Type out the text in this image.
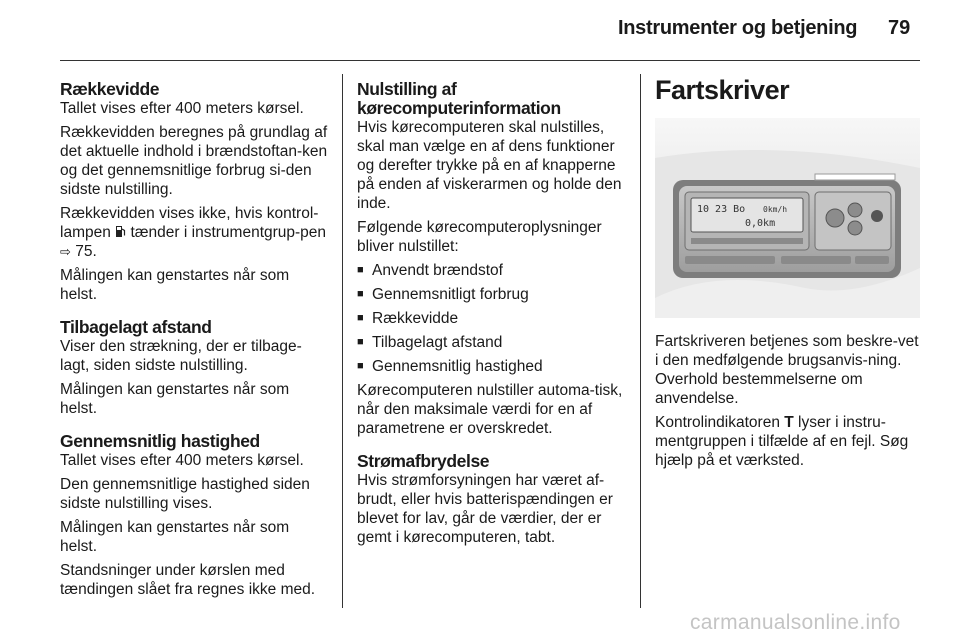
Instrumenter og betjening 79
Rækkevidde

Tallet vises efter 400 meters kørsel.

Rækkevidden beregnes på grundlag af det aktuelle indhold i brændstoftan-ken og det gennemsnitlige forbrug si-den sidste nulstilling.

Rækkevidden vises ikke, hvis kontrol-lampen tænder i instrumentgrup-pen ⇨ 75.

Målingen kan genstartes når som helst.

Tilbagelagt afstand

Viser den strækning, der er tilbage-lagt, siden sidste nulstilling.

Målingen kan genstartes når som helst.

Gennemsnitlig hastighed

Tallet vises efter 400 meters kørsel.

Den gennemsnitlige hastighed siden sidste nulstilling vises.

Målingen kan genstartes når som helst.

Standsninger under kørslen med tændingen slået fra regnes ikke med.

Nulstilling af kørecomputerinformation

Hvis kørecomputeren skal nulstilles, skal man vælge en af dens funktioner og derefter trykke på en af knapperne på enden af viskerarmen og holde den inde.

Følgende kørecomputeroplysninger bliver nulstillet:

■ Anvendt brændstof
■ Gennemsnitligt forbrug
■ Rækkevidde
■ Tilbagelagt afstand
■ Gennemsnitlig hastighed

Kørecomputeren nulstiller automa-tisk, når den maksimale værdi for en af parametrene er overskredet.

Strømafbrydelse

Hvis strømforsyningen har været af-brudt, eller hvis batterispændingen er blevet for lav, går de værdier, der er gemt i kørecomputeren, tabt.

Fartskriver
10 23 Bo 0km/h
0,0km

Fartskriveren betjenes som beskre-vet i den medfølgende brugsanvis-ning. Overhold bestemmelserne om anvendelse.

Kontrolindikatoren T lyser i instru-mentgruppen i tilfælde af en fejl. Søg hjælp på et værksted.

carmanualsonline.info
